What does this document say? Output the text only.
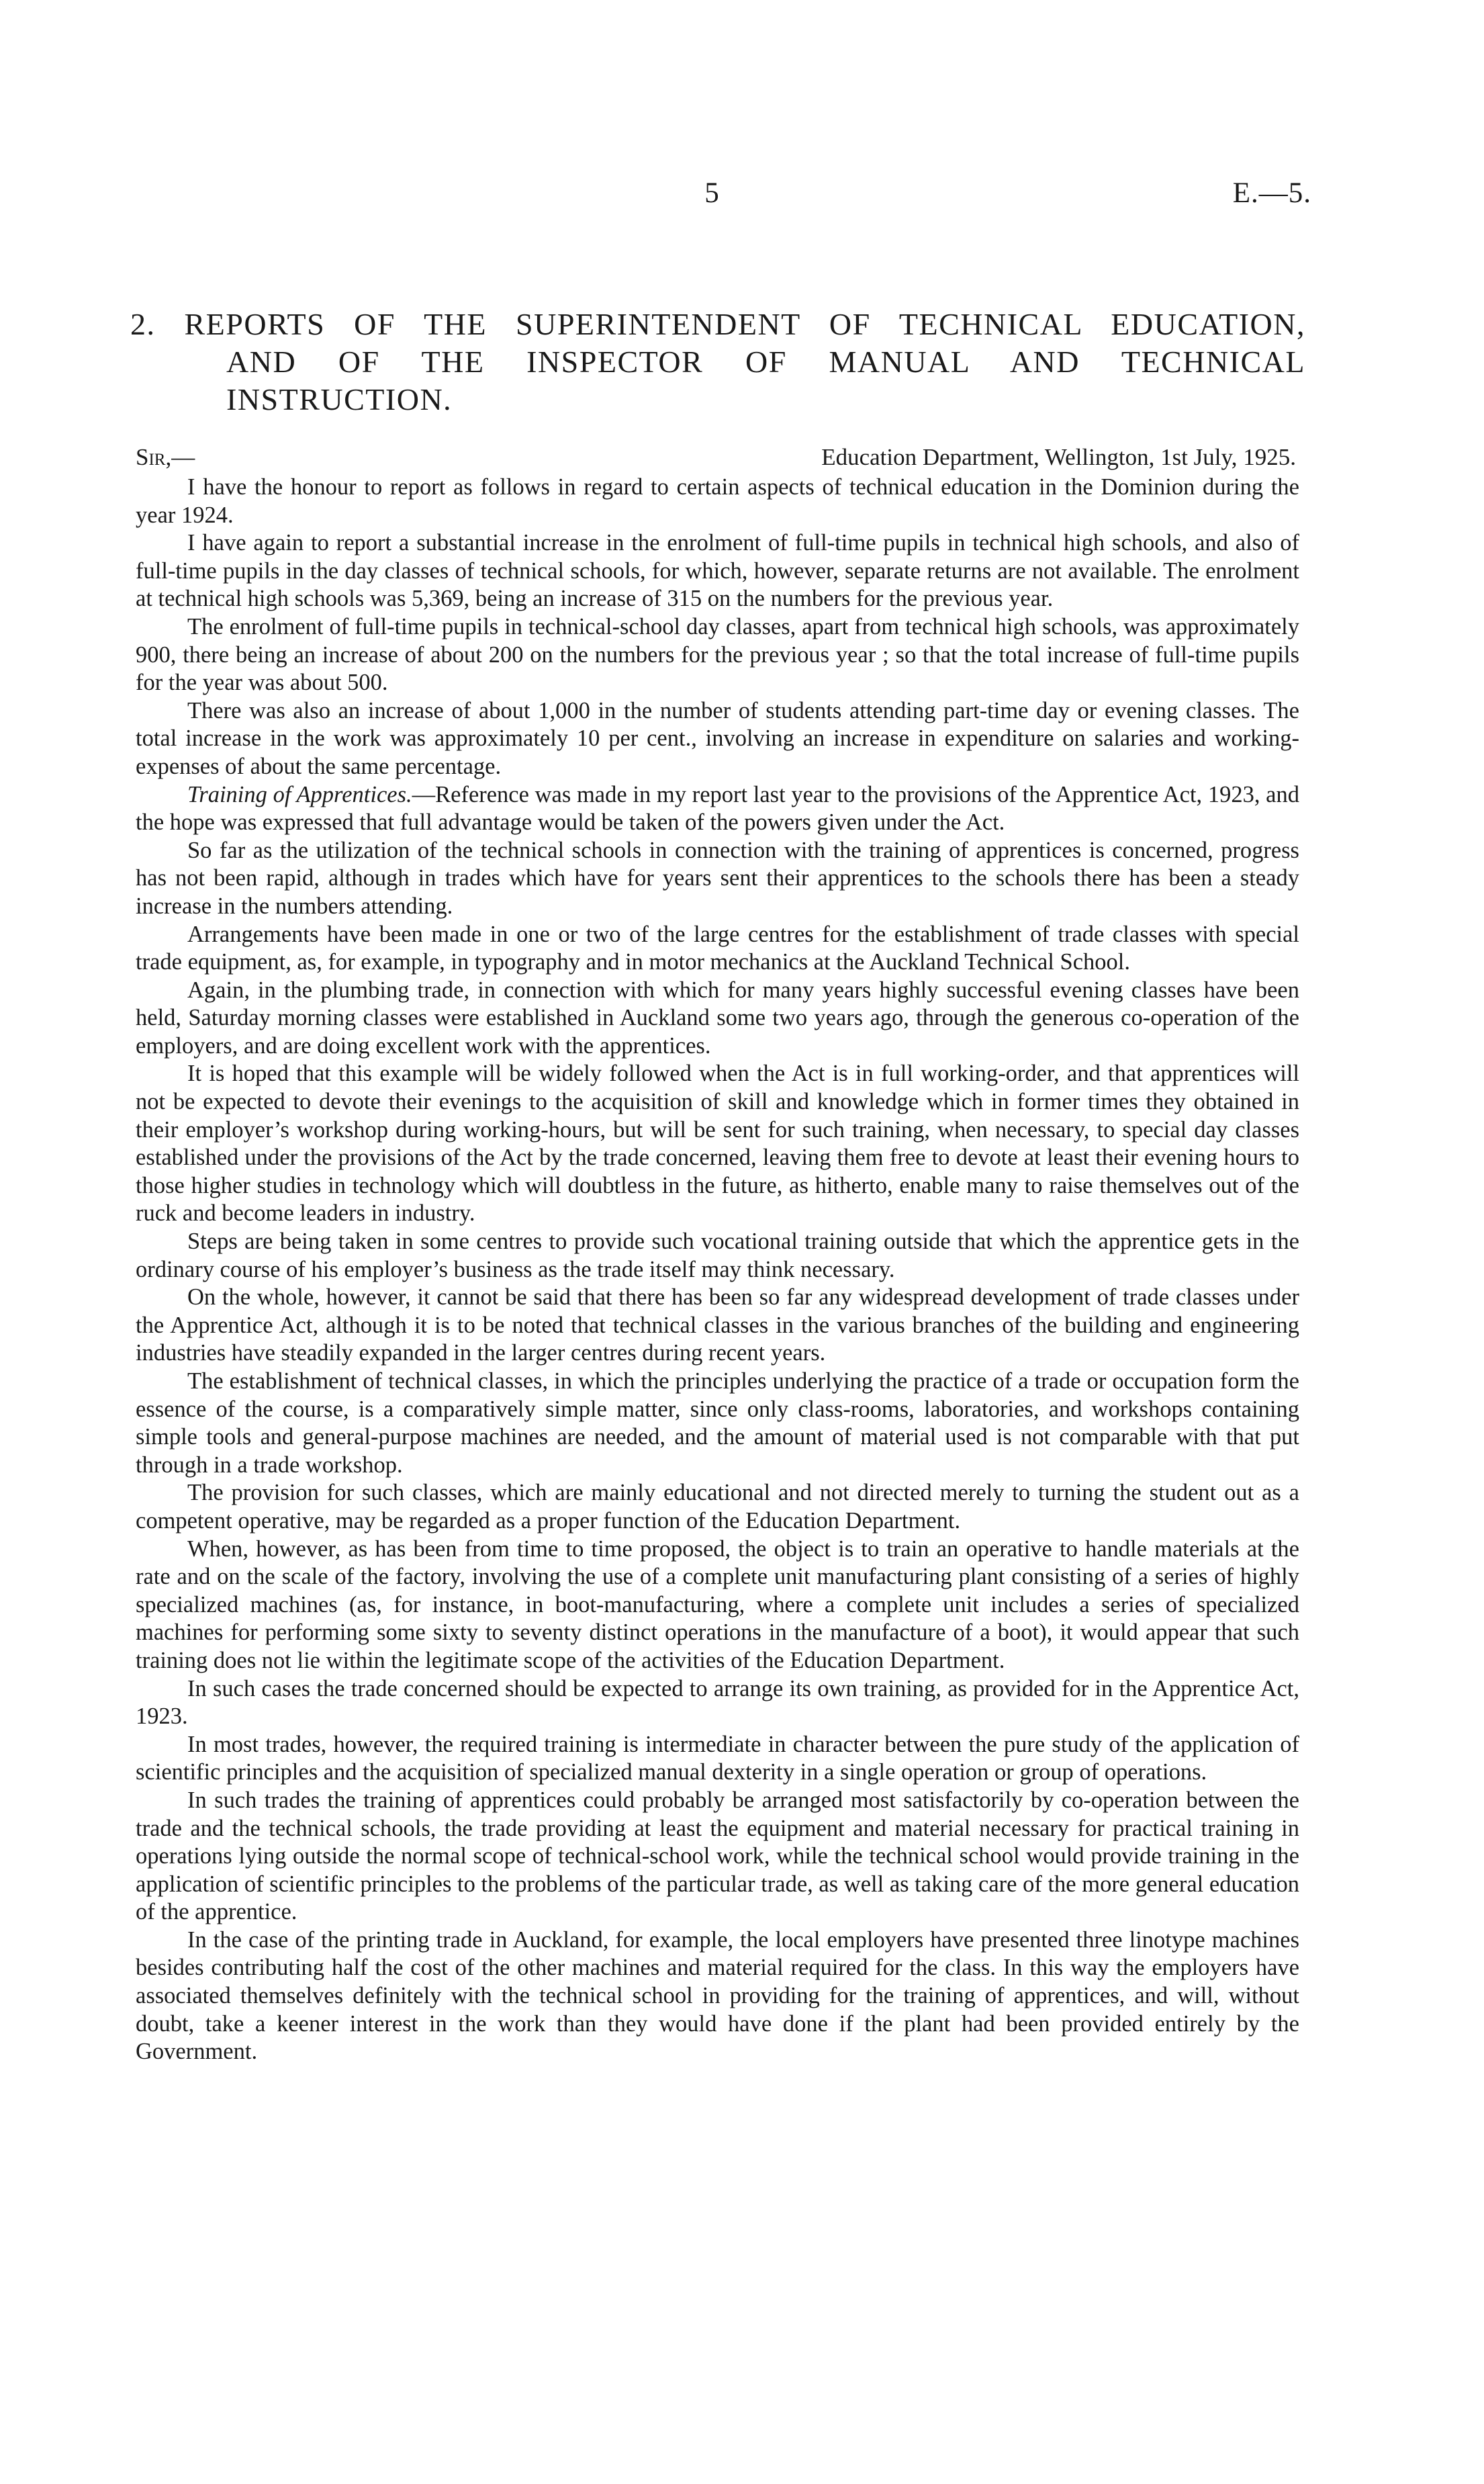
5	E.—5.
2. REPORTS OF THE SUPERINTENDENT OF TECHNICAL EDUCATION,
AND OF THE INSPECTOR OF MANUAL AND TECHNICAL
INSTRUCTION.
Sir,—	Education Department, Wellington, 1st July, 1925.

I have the honour to report as follows in regard to certain aspects of technical education in the Dominion during the year 1924.

I have again to report a substantial increase in the enrolment of full-time pupils in technical high schools, and also of full-time pupils in the day classes of technical schools, for which, however, separate returns are not available. The enrolment at technical high schools was 5,369, being an increase of 315 on the numbers for the previous year.

The enrolment of full-time pupils in technical-school day classes, apart from technical high schools, was approximately 900, there being an increase of about 200 on the numbers for the previous year ; so that the total increase of full-time pupils for the year was about 500.

There was also an increase of about 1,000 in the number of students attending part-time day or evening classes. The total increase in the work was approximately 10 per cent., involving an increase in expenditure on salaries and working-expenses of about the same percentage.

Training of Apprentices.—Reference was made in my report last year to the provisions of the Apprentice Act, 1923, and the hope was expressed that full advantage would be taken of the powers given under the Act.

So far as the utilization of the technical schools in connection with the training of apprentices is concerned, progress has not been rapid, although in trades which have for years sent their apprentices to the schools there has been a steady increase in the numbers attending.

Arrangements have been made in one or two of the large centres for the establishment of trade classes with special trade equipment, as, for example, in typography and in motor mechanics at the Auckland Technical School.

Again, in the plumbing trade, in connection with which for many years highly successful evening classes have been held, Saturday morning classes were established in Auckland some two years ago, through the generous co-operation of the employers, and are doing excellent work with the apprentices.

It is hoped that this example will be widely followed when the Act is in full working-order, and that apprentices will not be expected to devote their evenings to the acquisition of skill and knowledge which in former times they obtained in their employer’s workshop during working-hours, but will be sent for such training, when necessary, to special day classes established under the provisions of the Act by the trade concerned, leaving them free to devote at least their evening hours to those higher studies in technology which will doubtless in the future, as hitherto, enable many to raise themselves out of the ruck and become leaders in industry.

Steps are being taken in some centres to provide such vocational training outside that which the apprentice gets in the ordinary course of his employer’s business as the trade itself may think necessary.

On the whole, however, it cannot be said that there has been so far any widespread development of trade classes under the Apprentice Act, although it is to be noted that technical classes in the various branches of the building and engineering industries have steadily expanded in the larger centres during recent years.

The establishment of technical classes, in which the principles underlying the practice of a trade or occupation form the essence of the course, is a comparatively simple matter, since only class-rooms, laboratories, and workshops containing simple tools and general-purpose machines are needed, and the amount of material used is not comparable with that put through in a trade workshop.

The provision for such classes, which are mainly educational and not directed merely to turning the student out as a competent operative, may be regarded as a proper function of the Education Department.

When, however, as has been from time to time proposed, the object is to train an operative to handle materials at the rate and on the scale of the factory, involving the use of a complete unit manufacturing plant consisting of a series of highly specialized machines (as, for instance, in boot-manufacturing, where a complete unit includes a series of specialized machines for performing some sixty to seventy distinct operations in the manufacture of a boot), it would appear that such training does not lie within the legitimate scope of the activities of the Education Department.

In such cases the trade concerned should be expected to arrange its own training, as provided for in the Apprentice Act, 1923.

In most trades, however, the required training is intermediate in character between the pure study of the application of scientific principles and the acquisition of specialized manual dexterity in a single operation or group of operations.

In such trades the training of apprentices could probably be arranged most satisfactorily by co-operation between the trade and the technical schools, the trade providing at least the equipment and material necessary for practical training in operations lying outside the normal scope of technical-school work, while the technical school would provide training in the application of scientific principles to the problems of the particular trade, as well as taking care of the more general education of the apprentice.

In the case of the printing trade in Auckland, for example, the local employers have presented three linotype machines besides contributing half the cost of the other machines and material required for the class. In this way the employers have associated themselves definitely with the technical school in providing for the training of apprentices, and will, without doubt, take a keener interest in the work than they would have done if the plant had been provided entirely by the Government.
